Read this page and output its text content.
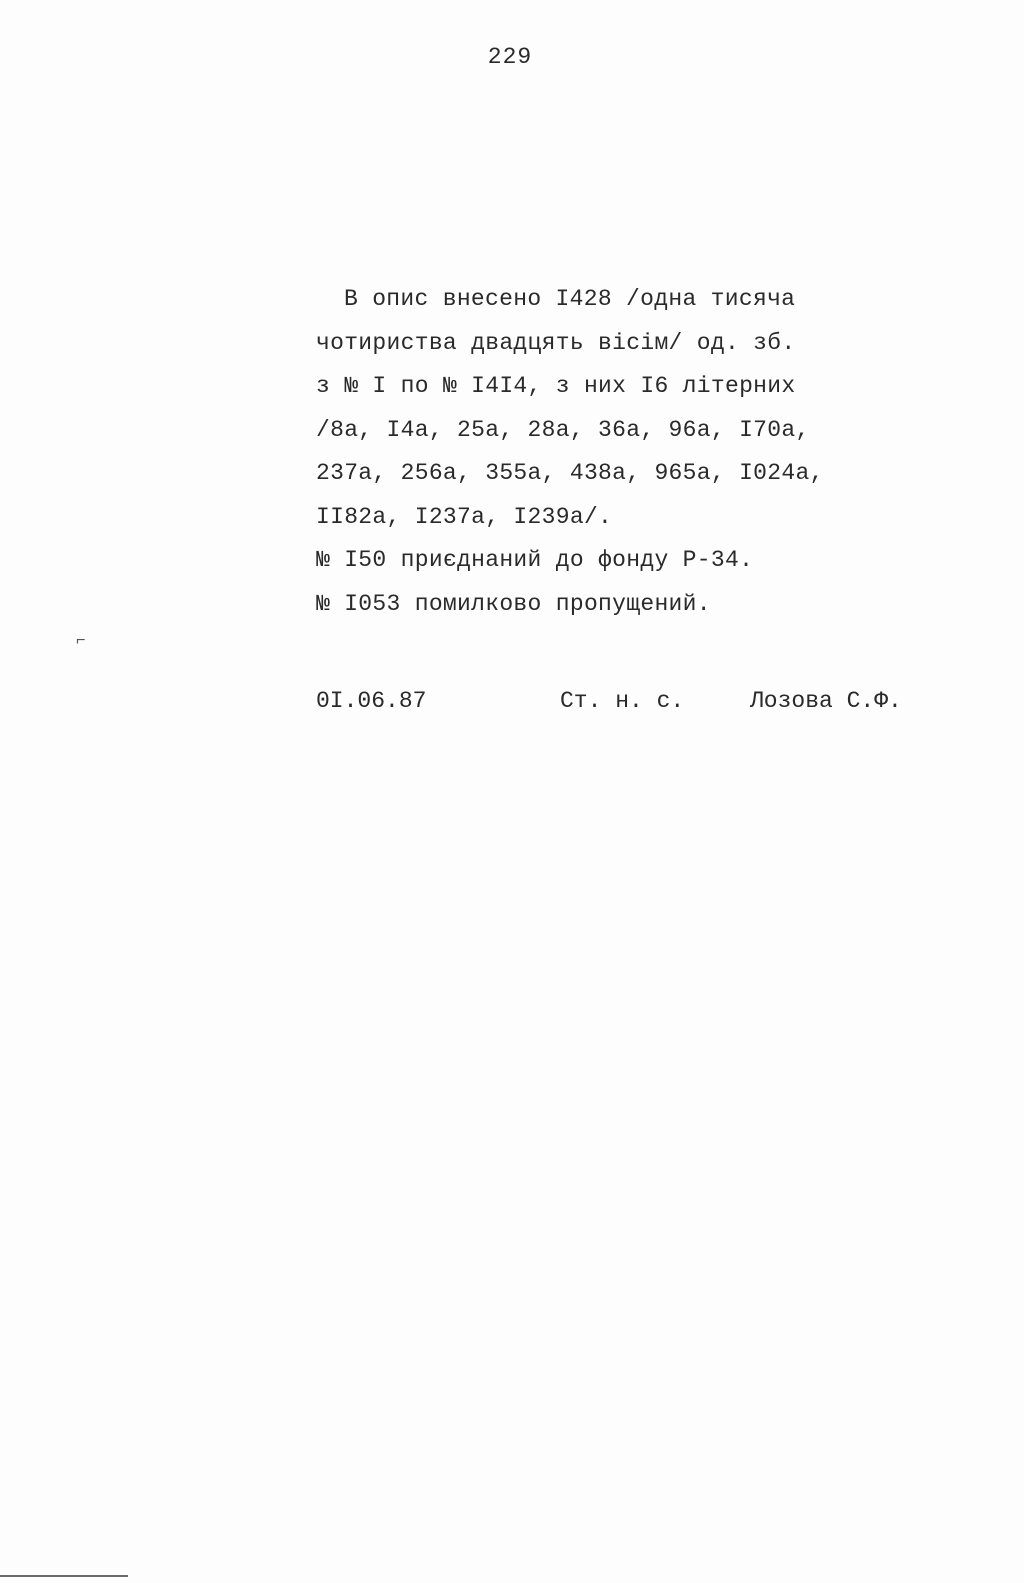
229
В опис внесено І428 /одна тисяча
чотириства двадцять вісім/ од. зб.
з № І по № І4І4, з них І6 літерних
/8а, І4а, 25а, 28а, 36а, 96а, І70а,
237а, 256а, 355а, 438а, 965а, І024а,
ІІ82а, І237а, І239а/.
№ І50 приєднаний до фонду Р-34.
№ І053 помилково пропущений.
0І.06.87	Ст. н. с.	Лозова С.Ф.
⌐
